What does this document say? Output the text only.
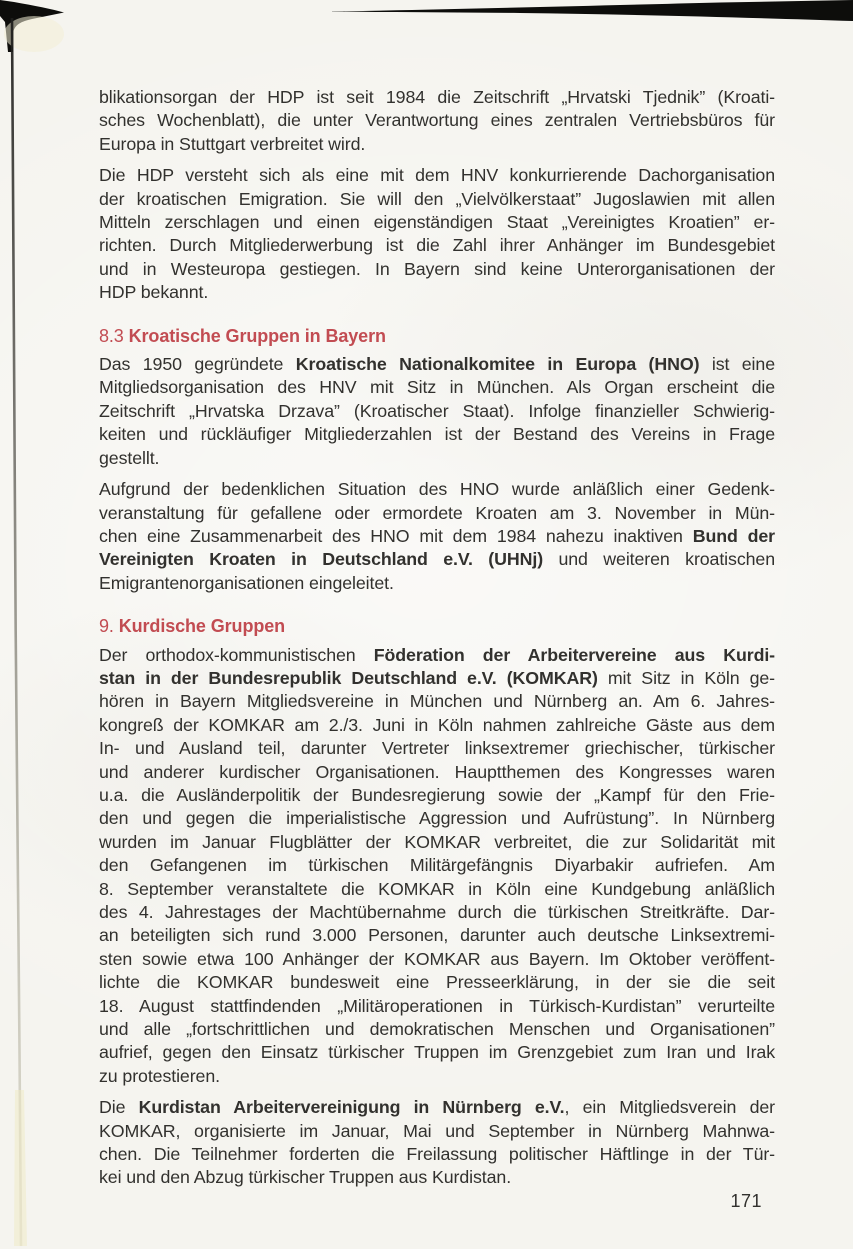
blikationsorgan der HDP ist seit 1984 die Zeitschrift „Hrvatski Tjednik” (Kroati-
sches Wochenblatt), die unter Verantwortung eines zentralen Vertriebsbüros für
Europa in Stuttgart verbreitet wird.
Die HDP versteht sich als eine mit dem HNV konkurrierende Dachorganisation
der kroatischen Emigration. Sie will den „Vielvölkerstaat” Jugoslawien mit allen
Mitteln zerschlagen und einen eigenständigen Staat „Vereinigtes Kroatien” er-
richten. Durch Mitgliederwerbung ist die Zahl ihrer Anhänger im Bundesgebiet
und in Westeuropa gestiegen. In Bayern sind keine Unterorganisationen der
HDP bekannt.
8.3 Kroatische Gruppen in Bayern
Das 1950 gegründete Kroatische Nationalkomitee in Europa (HNO) ist eine
Mitgliedsorganisation des HNV mit Sitz in München. Als Organ erscheint die
Zeitschrift „Hrvatska Drzava” (Kroatischer Staat). Infolge finanzieller Schwierig-
keiten und rückläufiger Mitgliederzahlen ist der Bestand des Vereins in Frage
gestellt.
Aufgrund der bedenklichen Situation des HNO wurde anläßlich einer Gedenk-
veranstaltung für gefallene oder ermordete Kroaten am 3. November in Mün-
chen eine Zusammenarbeit des HNO mit dem 1984 nahezu inaktiven Bund der
Vereinigten Kroaten in Deutschland e.V. (UHNj) und weiteren kroatischen
Emigrantenorganisationen eingeleitet.
9. Kurdische Gruppen
Der orthodox-kommunistischen Föderation der Arbeitervereine aus Kurdi-
stan in der Bundesrepublik Deutschland e.V. (KOMKAR) mit Sitz in Köln ge-
hören in Bayern Mitgliedsvereine in München und Nürnberg an. Am 6. Jahres-
kongreß der KOMKAR am 2./3. Juni in Köln nahmen zahlreiche Gäste aus dem
In- und Ausland teil, darunter Vertreter linksextremer griechischer, türkischer
und anderer kurdischer Organisationen. Hauptthemen des Kongresses waren
u.a. die Ausländerpolitik der Bundesregierung sowie der „Kampf für den Frie-
den und gegen die imperialistische Aggression und Aufrüstung”. In Nürnberg
wurden im Januar Flugblätter der KOMKAR verbreitet, die zur Solidarität mit
den Gefangenen im türkischen Militärgefängnis Diyarbakir aufriefen. Am
8. September veranstaltete die KOMKAR in Köln eine Kundgebung anläßlich
des 4. Jahrestages der Machtübernahme durch die türkischen Streitkräfte. Dar-
an beteiligten sich rund 3.000 Personen, darunter auch deutsche Linksextremi-
sten sowie etwa 100 Anhänger der KOMKAR aus Bayern. Im Oktober veröffent-
lichte die KOMKAR bundesweit eine Presseerklärung, in der sie die seit
18. August stattfindenden „Militäroperationen in Türkisch-Kurdistan” verurteilte
und alle „fortschrittlichen und demokratischen Menschen und Organisationen”
aufrief, gegen den Einsatz türkischer Truppen im Grenzgebiet zum Iran und Irak
zu protestieren.
Die Kurdistan Arbeitervereinigung in Nürnberg e.V., ein Mitgliedsverein der
KOMKAR, organisierte im Januar, Mai und September in Nürnberg Mahnwa-
chen. Die Teilnehmer forderten die Freilassung politischer Häftlinge in der Tür-
kei und den Abzug türkischer Truppen aus Kurdistan.
171
